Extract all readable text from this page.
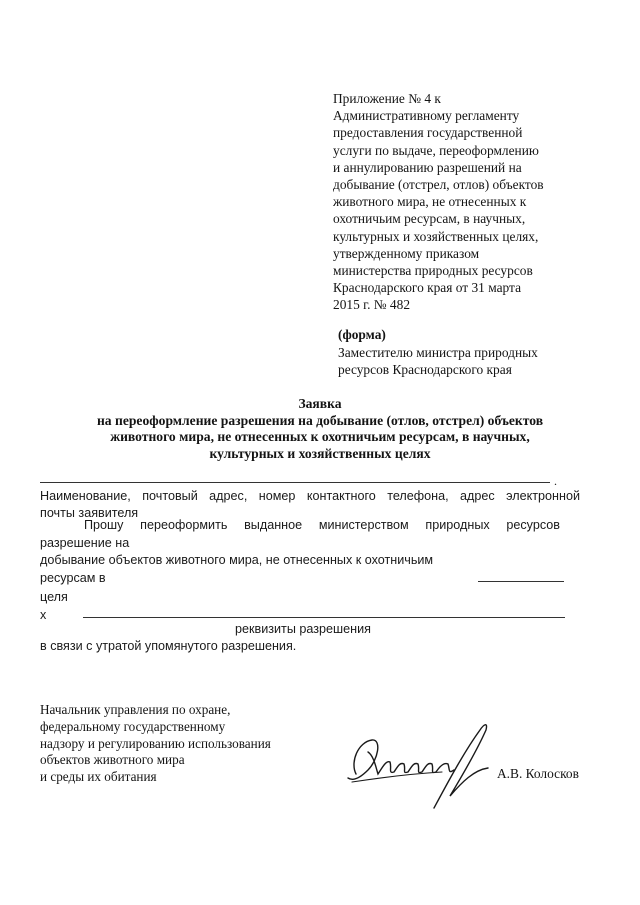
Приложение № 4 к
Административному регламенту
предоставления государственной
услуги по выдаче, переоформлению
и аннулированию разрешений на
добывание (отстрел, отлов) объектов
животного мира, не отнесенных к
охотничьим ресурсам, в научных,
культурных и хозяйственных целях,
утвержденному приказом
министерства природных ресурсов
Краснодарского края от 31 марта
2015 г. № 482
(форма)
Заместителю министра природных
ресурсов Краснодарского края
Заявка
на переоформление разрешения на добывание (отлов, отстрел) объектов
животного мира, не отнесенных к охотничьим ресурсам, в научных,
культурных и хозяйственных целях
.
Наименование, почтовый адрес, номер контактного телефона, адрес электронной
почты заявителя
Прошу переоформить выданное министерством природных ресурсов
разрешение на
добывание объектов животного мира, не отнесенных к охотничьим
ресурсам в
целя
х
реквизиты разрешения
в связи с утратой упомянутого разрешения.
Начальник управления по охране,
федеральному государственному
надзору и регулированию использования
объектов животного мира
и среды их обитания	А.В. Колосков
